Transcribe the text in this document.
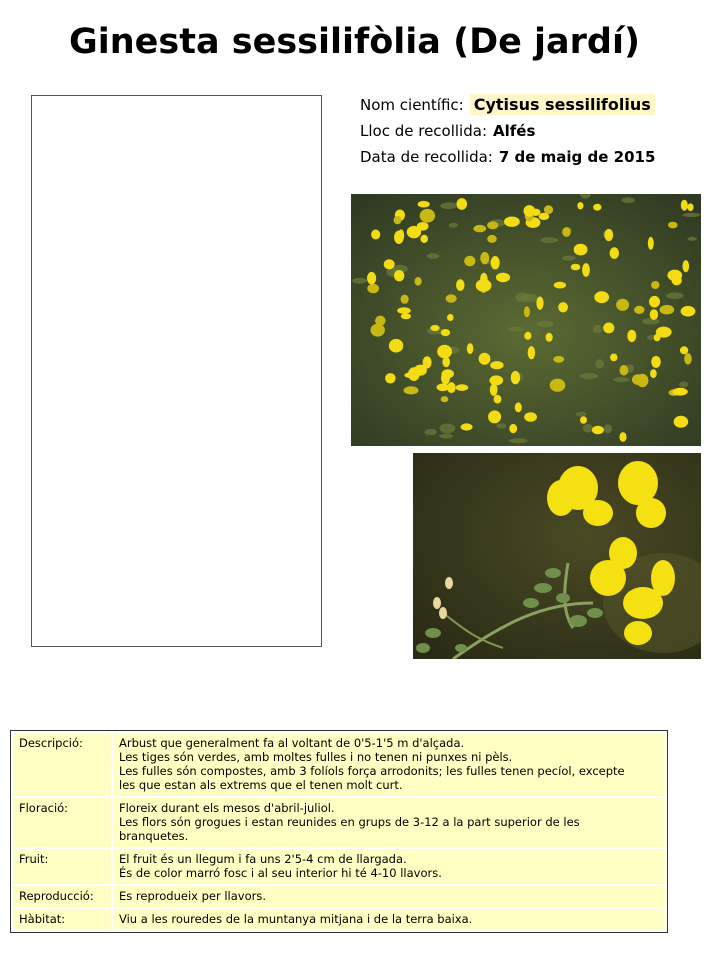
Ginesta sessilifòlia (De jardí)
Nom científic: Cytisus sessilifolius
Lloc de recollida: Alfés
Data de recollida: 7 de maig de 2015
Descripció:	Arbust que generalment fa al voltant de 0'5-1'5 m d'alçada.
Les tiges són verdes, amb moltes fulles i no tenen ni punxes ni pèls.
Les fulles són compostes, amb 3 folíols força arrodonits; les fulles tenen pecíol, excepte
les que estan als extrems que el tenen molt curt.

Floració:	Floreix durant els mesos d'abril-juliol.
Les flors són grogues i estan reunides en grups de 3-12 a la part superior de les
branquetes.

Fruit:	El fruit és un llegum i fa uns 2'5-4 cm de llargada.
És de color marró fosc i al seu interior hi té 4-10 llavors.

Reproducció:	Es reprodueix per llavors.

Hàbitat:	Viu a les rouredes de la muntanya mitjana i de la terra baixa.
